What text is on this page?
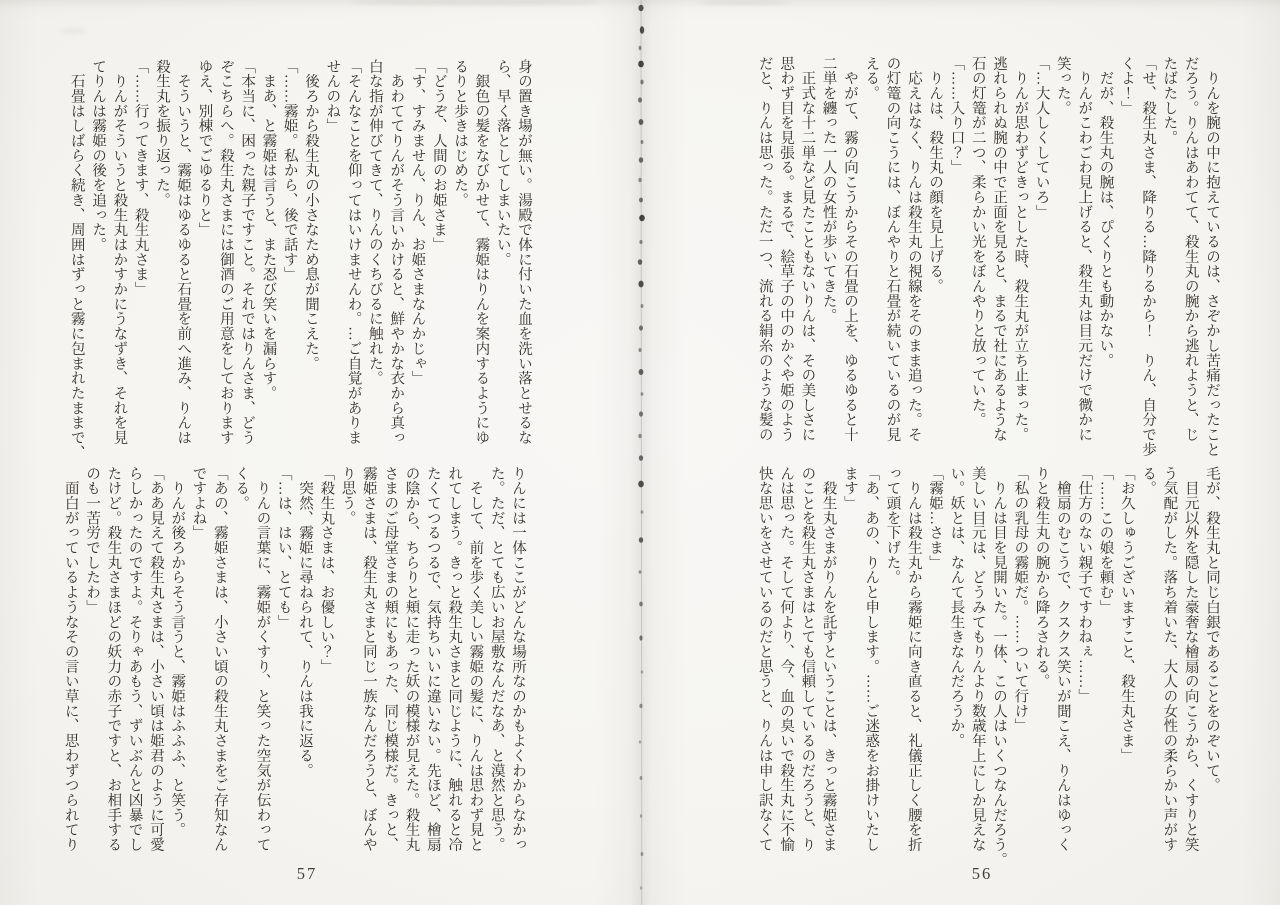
身の置き場が無い。湯殿で体に付いた血を洗い落とせるな
ら、早く落としてしまいたい。
　銀色の髪をなびかせて、霧姫はりんを案内するようにゆ
るりと歩きはじめた。
「どうぞ、人間のお姫さま」
「す、すみません、りん、お姫さまなんかじゃ」
　あわててりんがそう言いかけると、鮮やかな衣から真っ
白な指が伸びてきて、りんのくちびるに触れた。
「そんなことを仰ってはいけませんわ。…ご自覚がありま
せんのね」
　後ろから殺生丸の小さなため息が聞こえた。
「……霧姫。私から、後で話す」
　まあ、と霧姫は言うと、また忍び笑いを漏らす。
「本当に、困った親子ですこと。それではりんさま、どう
ぞこちらへ。殺生丸さまには御酒のご用意をしております
ゆえ、別棟でごゆるりと」
　そういうと、霧姫はゆるゆると石畳を前へ進み、りんは
殺生丸を振り返った。
「……行ってきます、殺生丸さま」
　りんがそういうと殺生丸はかすかにうなずき、それを見
てりんは霧姫の後を追った。
　石畳はしばらく続き、周囲はずっと霧に包まれたままで、
りんには一体ここがどんな場所なのかもよくわからなかっ
た。ただ、とても広いお屋敷なんだなあ、と漠然と思う。
　そして、前を歩く美しい霧姫の髪に、りんは思わず見と
れてしまう。きっと殺生丸さまと同じように、触れると冷
たくてつるつるで、気持ちいいに違いない。先ほど、檜扇
の陰から、ちらりと頬に走った妖の模様が見えた。殺生丸
さまのご母堂さまの頬にもあった、同じ模様だ。きっと、
霧姫さまは、殺生丸さまと同じ一族なんだろうと、ぼんや
り思う。
「殺生丸さまは、お優しい？」
　突然、霧姫に尋ねられて、りんは我に返る。
「…は、はい、とても」
　りんの言葉に、霧姫がくすり、と笑った空気が伝わって
くる。
「あの、霧姫さまは、小さい頃の殺生丸さまをご存知なん
ですよね」
　りんが後ろからそう言うと、霧姫はふふふ、と笑う。
「ああ見えて殺生丸さまは、小さい頃は姫君のように可愛
らしかったのですよ。そりゃあもう、ずいぶんと凶暴でし
たけど。殺生丸さまほどの妖力の赤子ですと、お相手する
のも一苦労でしたわ」
　面白がっているようなその言い草に、思わずつられてり
57
　りんを腕の中に抱えているのは、さぞかし苦痛だったこと
だろう。りんはあわてて、殺生丸の腕から逃れようと、じ
たばたした。
「せ、殺生丸さま、降りる…降りるから！　りん、自分で歩
くよ！」
　だが、殺生丸の腕は、ぴくりとも動かない。
　りんがこわごわ見上げると、殺生丸は目元だけで微かに
笑った。
「…大人しくしていろ」
　りんが思わずどきっとした時、殺生丸が立ち止まった。
逃れられぬ腕の中で正面を見ると、まるで社にあるような
石の灯篭が二つ、柔らかい光をぼんやりと放っていた。
「……入り口？」
　りんは、殺生丸の顔を見上げる。
　応えはなく、りんは殺生丸の視線をそのまま追った。そ
の灯篭の向こうには、ぼんやりと石畳が続いているのが見
える。
　やがて、霧の向こうからその石畳の上を、ゆるゆると十
二単を纏った一人の女性が歩いてきた。
　正式な十二単など見たこともないりんは、その美しさに
思わず目を見張る。まるで、絵草子の中のかぐや姫のよう
だと、りんは思った。ただ一つ、流れる絹糸のような髪の
毛が、殺生丸と同じ白銀であることをのぞいて。
　目元以外を隠した豪奢な檜扇の向こうから、くすりと笑
う気配がした。落ち着いた、大人の女性の柔らかい声がす
る。
「お久しゅうございますこと、殺生丸さま」
「……この娘を頼む」
「仕方のない親子ですわねぇ……」
　檜扇のむこうで、クスクス笑いが聞こえ、りんはゆっく
りと殺生丸の腕から降ろされる。
「私の乳母の霧姫だ。……ついて行け」
　りんは目を見開いた。一体、この人はいくつなんだろう。
美しい目元は、どうみてもりんより数歳年上にしか見えな
い。妖とは、なんて長生きなんだろうか。
「霧姫…さま」
　りんは殺生丸から霧姫に向き直ると、礼儀正しく腰を折
って頭を下げた。
「あ、あの、りんと申します。……ご迷惑をお掛けいたし
ます」
　殺生丸さまがりんを託すということは、きっと霧姫さま
のことを殺生丸さまはとても信頼しているのだろうと、り
んは思った。そして何より、今、血の臭いで殺生丸に不愉
快な思いをさせているのだと思うと、りんは申し訳なくて
56
